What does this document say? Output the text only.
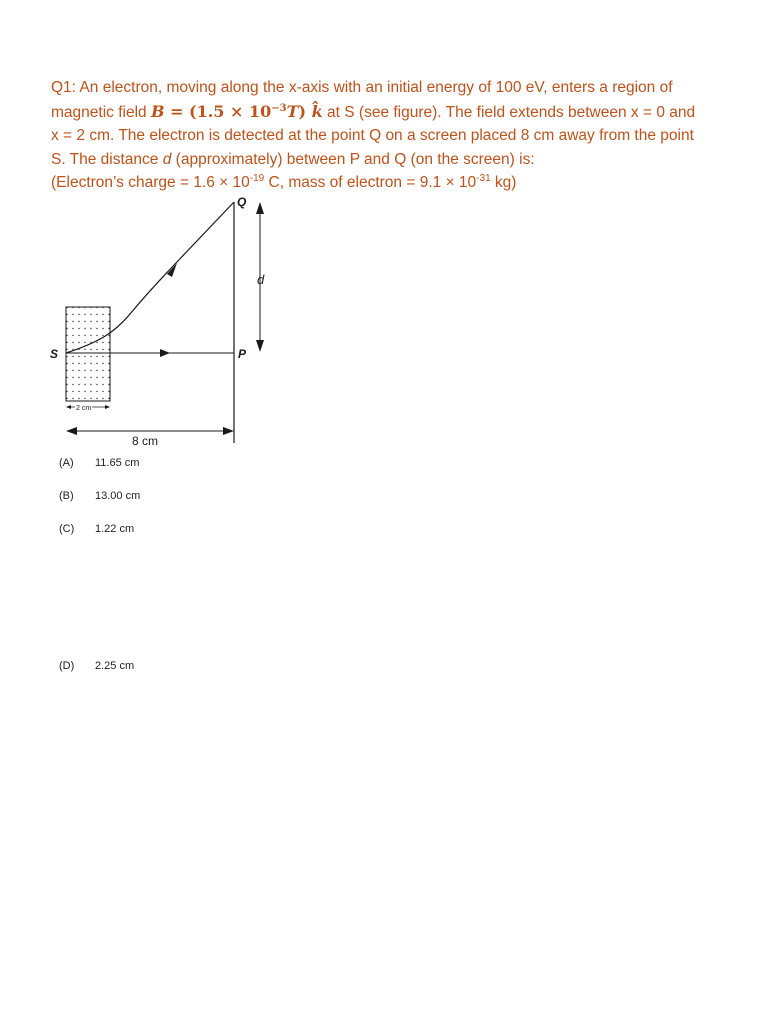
Q1: An electron, moving along the x-axis with an initial energy of 100 eV, enters a region of

magnetic field $B = (1.5 \times 10^{-3}T)$ k̂ at S (see figure). The field extends between x = 0 and

x = 2 cm. The electron is detected at the point Q on a screen placed 8 cm away from the point

S. The distance d (approximately) between P and Q (on the screen) is:

(Electron’s charge = $1.6 \times 10^{-19}$ C, mass of electron = $9.1 \times 10^{-31}$ kg)

S	P
Q
d
2 cm
8 cm
(A)	11.65 cm
(B)	13.00 cm
(C)	1.22 cm
(D)	2.25 cm
